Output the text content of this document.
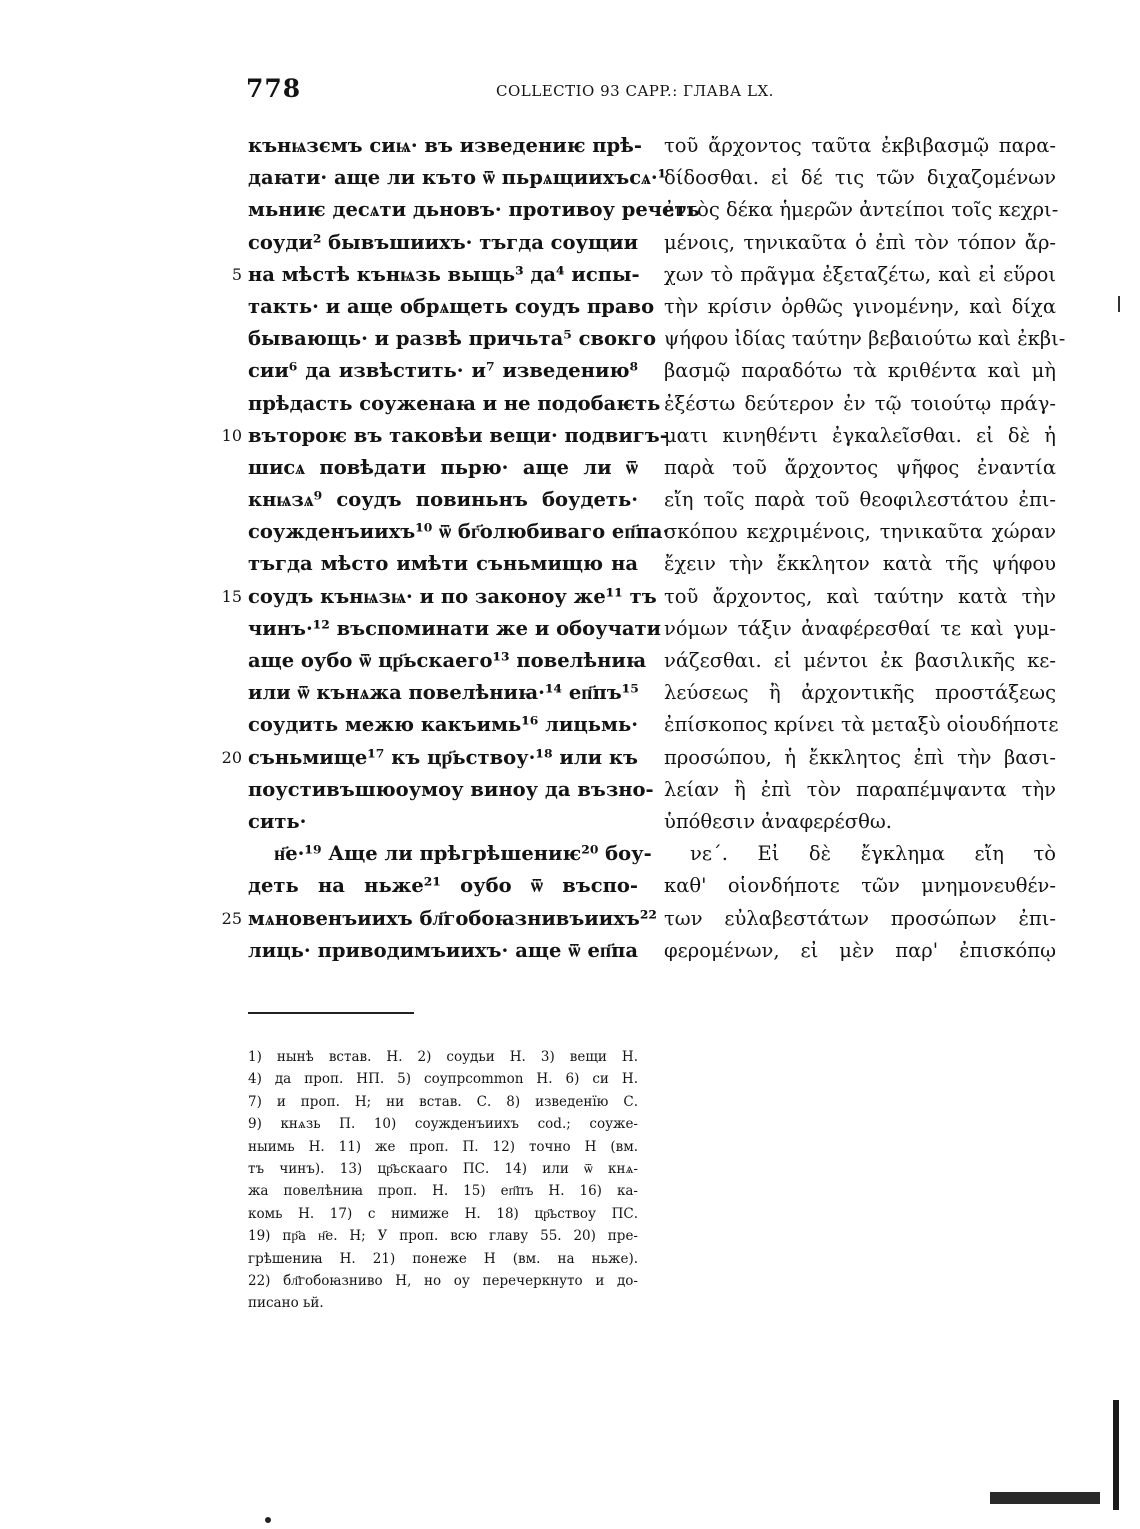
778	COLLECTIO 93 CAPP.: ГЛАВА LX.
5
10
15
20
25
кънѩзємъ сиѩ· въ изведениѥ прѣ-
даꙗти· аще ли къто ѿ пьрѧщиихъсѧ·¹
мьниѥ десѧти дьновъ· противоу речеть
соуди² бывъшиихъ· тъгда соущии
на мѣстѣ кънѩзь выщь³ да⁴ испы-
такть· и аще обрѧщеть соудъ право
бывающь· и развѣ причьта⁵ свокго
сии⁶ да извѣстить· и⁷ изведению⁸
прѣдасть соуженаꙗ и не подобаѥть
вътороѥ въ таковѣи вещи· подвигъ-
шисѧ повѣдати пьрю· аще ли ѿ
кнѩзѧ⁹ соудъ повиньнъ боудеть·
соужденъиихъ¹⁰ ѿ бг҃олюбиваго еп҃па·
тъгда мѣсто имѣти съньмищю на
соудъ кънѩзѩ· и по законоу же¹¹ тъ
чинъ·¹² въспоминати же и обоучати
аще оубо ѿ цр҃ьскаего¹³ повелѣниꙗ
или ѿ кънѧжа повелѣниꙗ·¹⁴ еп҃пъ¹⁵
соудить межю какъимь¹⁶ лицьмь·
съньмище¹⁷ къ цр҃ьствоу·¹⁸ или къ
поустивъшюоумоу виноу да възно-
сить·
н҃е·¹⁹ Аще ли прѣгрѣшениѥ²⁰ боу-
деть на ньже²¹ оубо ѿ въспо-
мѧновенъиихъ бл҃гобоꙗзнивъиихъ²²
лиць· приводимъиихъ· аще ѿ еп҃па
τοῦ ἄρχοντος ταῦτα ἐκβιβασμῷ παρα-
δίδοσθαι. εἰ δέ τις τῶν διχαζομένων
ἐντὸς δέκα ἡμερῶν ἀντείποι τοῖς κεχρι-
μένοις, τηνικαῦτα ὁ ἐπὶ τὸν τόπον ἄρ-
χων τὸ πρᾶγμα ἐξεταζέτω, καὶ εἰ εὕροι
τὴν κρίσιν ὀρθῶς γινομένην, καὶ δίχα
ψήφου ἰδίας ταύτην βεβαιούτω καὶ ἐκβι-
βασμῷ παραδότω τὰ κριθέντα καὶ μὴ
ἐξέστω δεύτερον ἐν τῷ τοιούτῳ πράγ-
ματι κινηθέντι ἐγκαλεῖσθαι. εἰ δὲ ἡ
παρὰ τοῦ ἄρχοντος ψῆφος ἐναντία
εἴη τοῖς παρὰ τοῦ θεοφιλεστάτου ἐπι-
σκόπου κεχριμένοις, τηνικαῦτα χώραν
ἔχειν τὴν ἔκκλητον κατὰ τῆς ψήφου
τοῦ ἄρχοντος, καὶ ταύτην κατὰ τὴν
νόμων τάξιν ἀναφέρεσθαί τε καὶ γυμ-
νάζεσθαι. εἰ μέντοι ἐκ βασιλικῆς κε-
λεύσεως ἢ ἀρχοντικῆς προστάξεως
ἐπίσκοπος κρίνει τὰ μεταξὺ οἱουδήποτε
προσώπου, ἡ ἔκκλητος ἐπὶ τὴν βασι-
λείαν ἢ ἐπὶ τὸν παραπέμψαντα τὴν
ὑπόθεσιν ἀναφερέσθω.
νε΄. Εἰ δὲ ἔγκλημα εἴη τὸ
καθ' οἱονδήποτε τῶν μνημονευθέν-
των εὐλαβεστάτων προσώπων ἐπι-
φερομένων, εἰ μὲν παρ' ἐπισκόπῳ
1) нынѣ встав. Н. 2) соудьи Н. 3) вещи Н.
4) да проп. НП. 5) соупрcommon Н. 6) си Н.
7) и проп. Н; ни встав. С. 8) изведенїю С.
9) кнѧзь П. 10) соужденъиихъ cod.; соуже-
ныимь Н. 11) же проп. П. 12) точно Н (вм.
тъ чинъ). 13) цр҃ьскааго ПС. 14) или ѿ кнѧ-
жа повелѣниꙗ проп. Н. 15) еп҃пъ Н. 16) ка-
комь Н. 17) с нимиже Н. 18) цр҃ьствоу ПС.
19) пр҃а н҃е. Н; У проп. всю главу 55. 20) пре-
грѣшениꙗ Н. 21) понеже Н (вм. на ньже).
22) бл҃гобоꙗзниво Н, но оу перечеркнуто и до-
писано ьй.
